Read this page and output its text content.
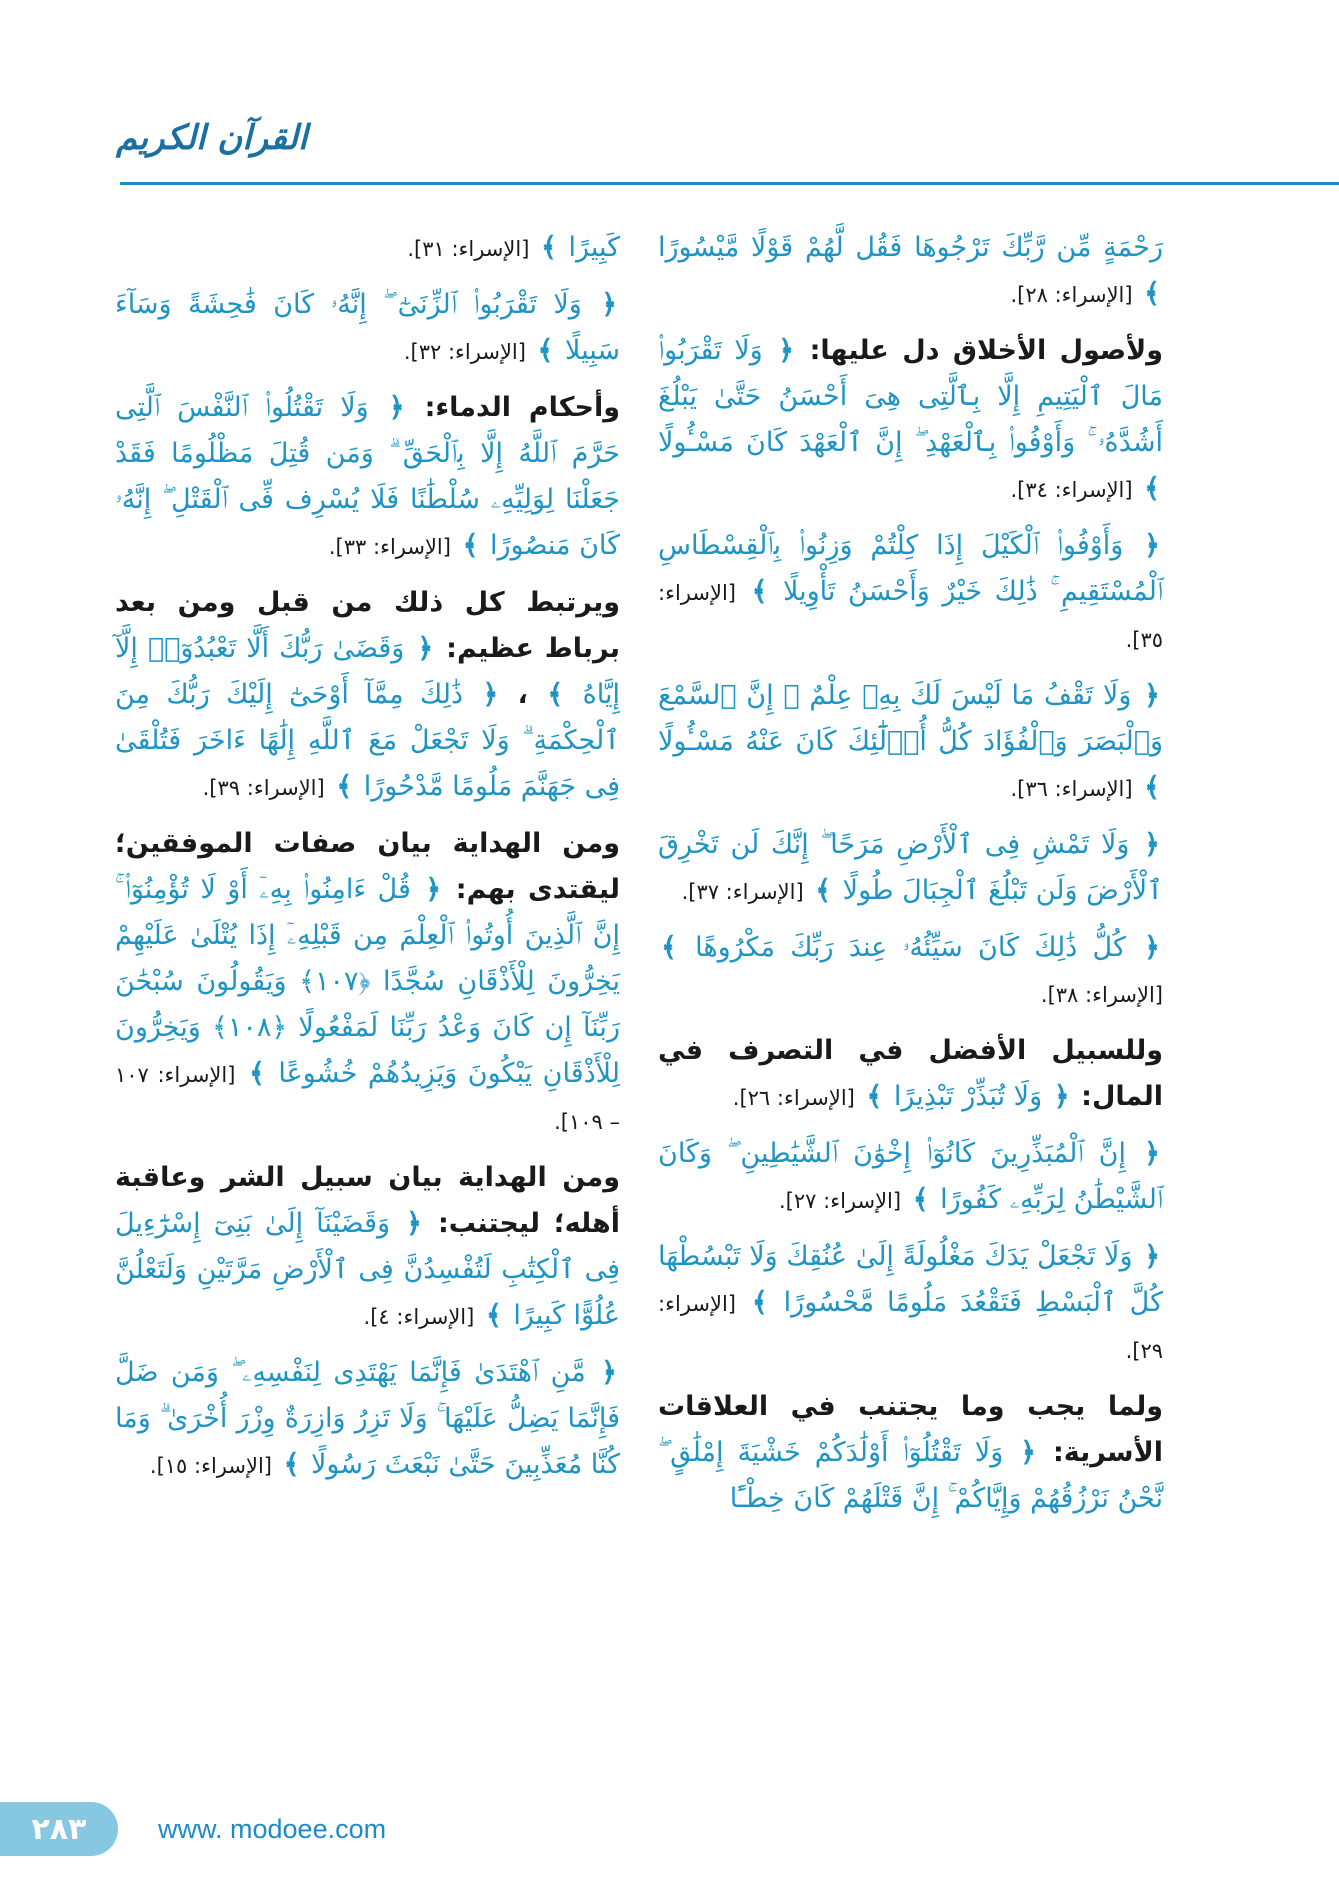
القرآن الكريم

رَحْمَةٍ مِّن رَّبِّكَ تَرْجُوهَا فَقُل لَّهُمْ قَوْلًا مَّيْسُورًا ﴾ [الإسراء: ٢٨].

ولأصول الأخلاق دل عليها: ﴿ وَلَا تَقْرَبُوا۟ مَالَ ٱلْيَتِيمِ إِلَّا بِٱلَّتِى هِىَ أَحْسَنُ حَتَّىٰ يَبْلُغَ أَشُدَّهُۥ ۚ وَأَوْفُوا۟ بِٱلْعَهْدِ ۖ إِنَّ ٱلْعَهْدَ كَانَ مَسْـُٔولًا ﴾ [الإسراء: ٣٤].

﴿ وَأَوْفُوا۟ ٱلْكَيْلَ إِذَا كِلْتُمْ وَزِنُوا۟ بِٱلْقِسْطَاسِ ٱلْمُسْتَقِيمِ ۚ ذَٰلِكَ خَيْرٌ وَأَحْسَنُ تَأْوِيلًا ﴾ [الإسراء: ٣٥].

﴿ وَلَا تَقْفُ مَا لَيْسَ لَكَ بِهِۦ عِلْمٌ ۚ إِنَّ ٱلسَّمْعَ وَٱلْبَصَرَ وَٱلْفُؤَادَ كُلُّ أُو۟لَٰٓئِكَ كَانَ عَنْهُ مَسْـُٔولًا ﴾ [الإسراء: ٣٦].

﴿ وَلَا تَمْشِ فِى ٱلْأَرْضِ مَرَحًا ۖ إِنَّكَ لَن تَخْرِقَ ٱلْأَرْضَ وَلَن تَبْلُغَ ٱلْجِبَالَ طُولًا ﴾ [الإسراء: ٣٧].

﴿ كُلُّ ذَٰلِكَ كَانَ سَيِّئُهُۥ عِندَ رَبِّكَ مَكْرُوهًا ﴾ [الإسراء: ٣٨].

وللسبيل الأفضل في التصرف في المال: ﴿ وَلَا تُبَذِّرْ تَبْذِيرًا ﴾ [الإسراء: ٢٦].

﴿ إِنَّ ٱلْمُبَذِّرِينَ كَانُوٓا۟ إِخْوَٰنَ ٱلشَّيَٰطِينِ ۖ وَكَانَ ٱلشَّيْطَٰنُ لِرَبِّهِۦ كَفُورًا ﴾ [الإسراء: ٢٧].

﴿ وَلَا تَجْعَلْ يَدَكَ مَغْلُولَةً إِلَىٰ عُنُقِكَ وَلَا تَبْسُطْهَا كُلَّ ٱلْبَسْطِ فَتَقْعُدَ مَلُومًا مَّحْسُورًا ﴾ [الإسراء: ٢٩].

ولما يجب وما يجتنب في العلاقات الأسرية: ﴿ وَلَا تَقْتُلُوٓا۟ أَوْلَٰدَكُمْ خَشْيَةَ إِمْلَٰقٍ ۖ نَّحْنُ نَرْزُقُهُمْ وَإِيَّاكُمْ ۚ إِنَّ قَتْلَهُمْ كَانَ خِطْـًٔا

كَبِيرًا ﴾ [الإسراء: ٣١].

﴿ وَلَا تَقْرَبُوا۟ ٱلزِّنَىٰٓ ۖ إِنَّهُۥ كَانَ فَٰحِشَةً وَسَآءَ سَبِيلًا ﴾ [الإسراء: ٣٢].

وأحكام الدماء: ﴿ وَلَا تَقْتُلُوا۟ ٱلنَّفْسَ ٱلَّتِى حَرَّمَ ٱللَّهُ إِلَّا بِٱلْحَقِّ ۗ وَمَن قُتِلَ مَظْلُومًا فَقَدْ جَعَلْنَا لِوَلِيِّهِۦ سُلْطَٰنًا فَلَا يُسْرِف فِّى ٱلْقَتْلِ ۖ إِنَّهُۥ كَانَ مَنصُورًا ﴾ [الإسراء: ٣٣].

ويرتبط كل ذلك من قبل ومن بعد برباط عظيم: ﴿ وَقَضَىٰ رَبُّكَ أَلَّا تَعْبُدُوٓا۟ إِلَّآ إِيَّاهُ ﴾ ، ﴿ ذَٰلِكَ مِمَّآ أَوْحَىٰٓ إِلَيْكَ رَبُّكَ مِنَ ٱلْحِكْمَةِ ۗ وَلَا تَجْعَلْ مَعَ ٱللَّهِ إِلَٰهًا ءَاخَرَ فَتُلْقَىٰ فِى جَهَنَّمَ مَلُومًا مَّدْحُورًا ﴾ [الإسراء: ٣٩].

ومن الهداية بيان صفات الموفقين؛ ليقتدى بهم: ﴿ قُلْ ءَامِنُوا۟ بِهِۦٓ أَوْ لَا تُؤْمِنُوٓا۟ ۚ إِنَّ ٱلَّذِينَ أُوتُوا۟ ٱلْعِلْمَ مِن قَبْلِهِۦٓ إِذَا يُتْلَىٰ عَلَيْهِمْ يَخِرُّونَ لِلْأَذْقَانِ سُجَّدًا ﴿١٠٧﴾ وَيَقُولُونَ سُبْحَٰنَ رَبِّنَآ إِن كَانَ وَعْدُ رَبِّنَا لَمَفْعُولًا ﴿١٠٨﴾ وَيَخِرُّونَ لِلْأَذْقَانِ يَبْكُونَ وَيَزِيدُهُمْ خُشُوعًا ﴾ [الإسراء: ١٠٧ – ١٠٩].

ومن الهداية بيان سبيل الشر وعاقبة أهله؛ ليجتنب: ﴿ وَقَضَيْنَآ إِلَىٰ بَنِىٓ إِسْرَٰٓءِيلَ فِى ٱلْكِتَٰبِ لَتُفْسِدُنَّ فِى ٱلْأَرْضِ مَرَّتَيْنِ وَلَتَعْلُنَّ عُلُوًّا كَبِيرًا ﴾ [الإسراء: ٤].

﴿ مَّنِ ٱهْتَدَىٰ فَإِنَّمَا يَهْتَدِى لِنَفْسِهِۦ ۖ وَمَن ضَلَّ فَإِنَّمَا يَضِلُّ عَلَيْهَا ۚ وَلَا تَزِرُ وَازِرَةٌ وِزْرَ أُخْرَىٰ ۗ وَمَا كُنَّا مُعَذِّبِينَ حَتَّىٰ نَبْعَثَ رَسُولًا ﴾ [الإسراء: ١٥].

٢٨٣	www. modoee.com
